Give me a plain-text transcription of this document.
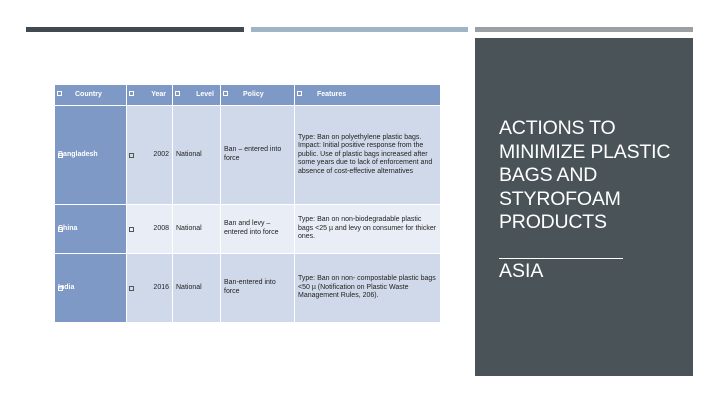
ACTIONS TO MINIMIZE PLASTIC BAGS AND STYROFOAM PRODUCTS
ASIA
Country	Year	Level	Policy	Features

Bangladesh	2002	National	Ban – entered into force	Type: Ban on polyethylene plastic bags. Impact: Initial positive response from the public. Use of plastic bags increased after some years due to lack of enforcement and absence of cost-effective alternatives

China	2008	National	Ban and levy – entered into force	Type: Ban on non-biodegradable plastic bags <25 µ and levy on consumer for thicker ones.

India	2016	National	Ban-entered into force	Type: Ban on non- compostable plastic bags <50 µ (Notification on Plastic Waste Management Rules, 206).
